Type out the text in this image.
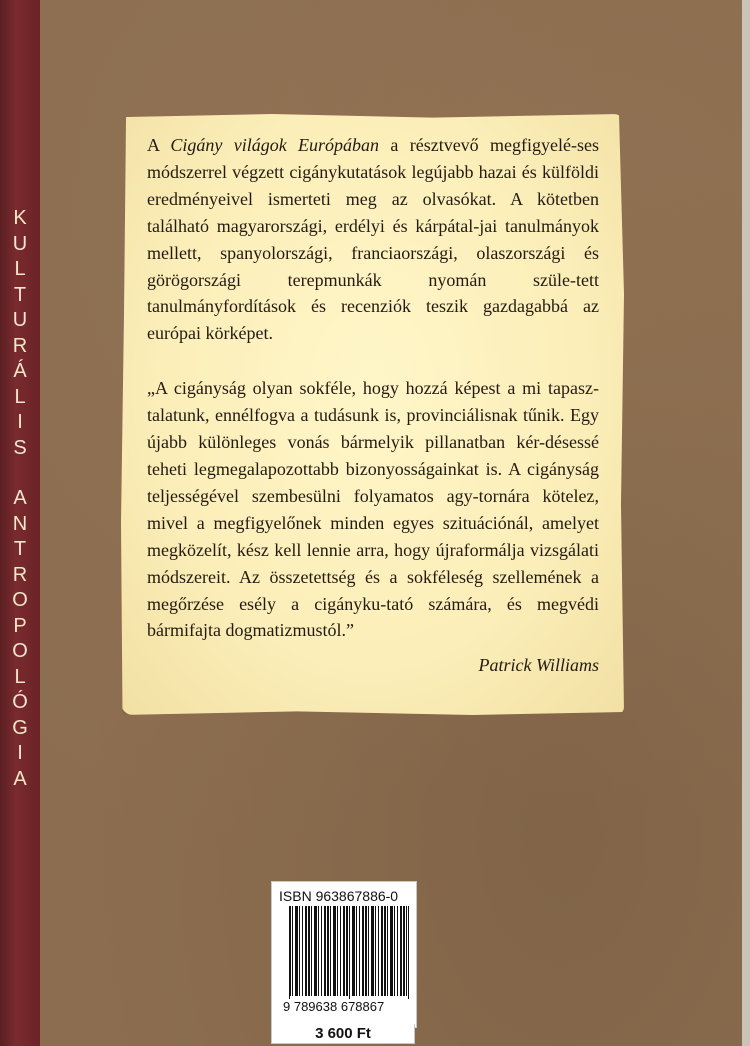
K
U
L
T
U
R
Á
L
I
S
A
N
T
R
O
P
O
L
Ó
G
I
A

A Cigány világok Európában a résztvevő megfigyelé-ses módszerrel végzett cigánykutatások legújabb hazai és külföldi eredményeivel ismerteti meg az olvasókat. A kötetben található magyarországi, erdélyi és kárpátal-jai tanulmányok mellett, spanyolországi, franciaországi, olaszországi és görögországi terepmunkák nyomán szüle-tett tanulmányfordítások és recenziók teszik gazdagabbá az európai körképet.

„A cigányság olyan sokféle, hogy hozzá képest a mi tapasz-talatunk, ennélfogva a tudásunk is, provinciálisnak tűnik. Egy újabb különleges vonás bármelyik pillanatban kér-désessé teheti legmegalapozottabb bizonyosságainkat is. A cigányság teljességével szembesülni folyamatos agy-tornára kötelez, mivel a megfigyelőnek minden egyes szituációnál, amelyet megközelít, kész kell lennie arra, hogy újraformálja vizsgálati módszereit. Az összetettség és a sokféleség szellemének a megőrzése esély a cigányku-tató számára, és megvédi bármifajta dogmatizmustól.”

Patrick Williams
ISBN 963867886-0
9 789638 678867
3 600 Ft
